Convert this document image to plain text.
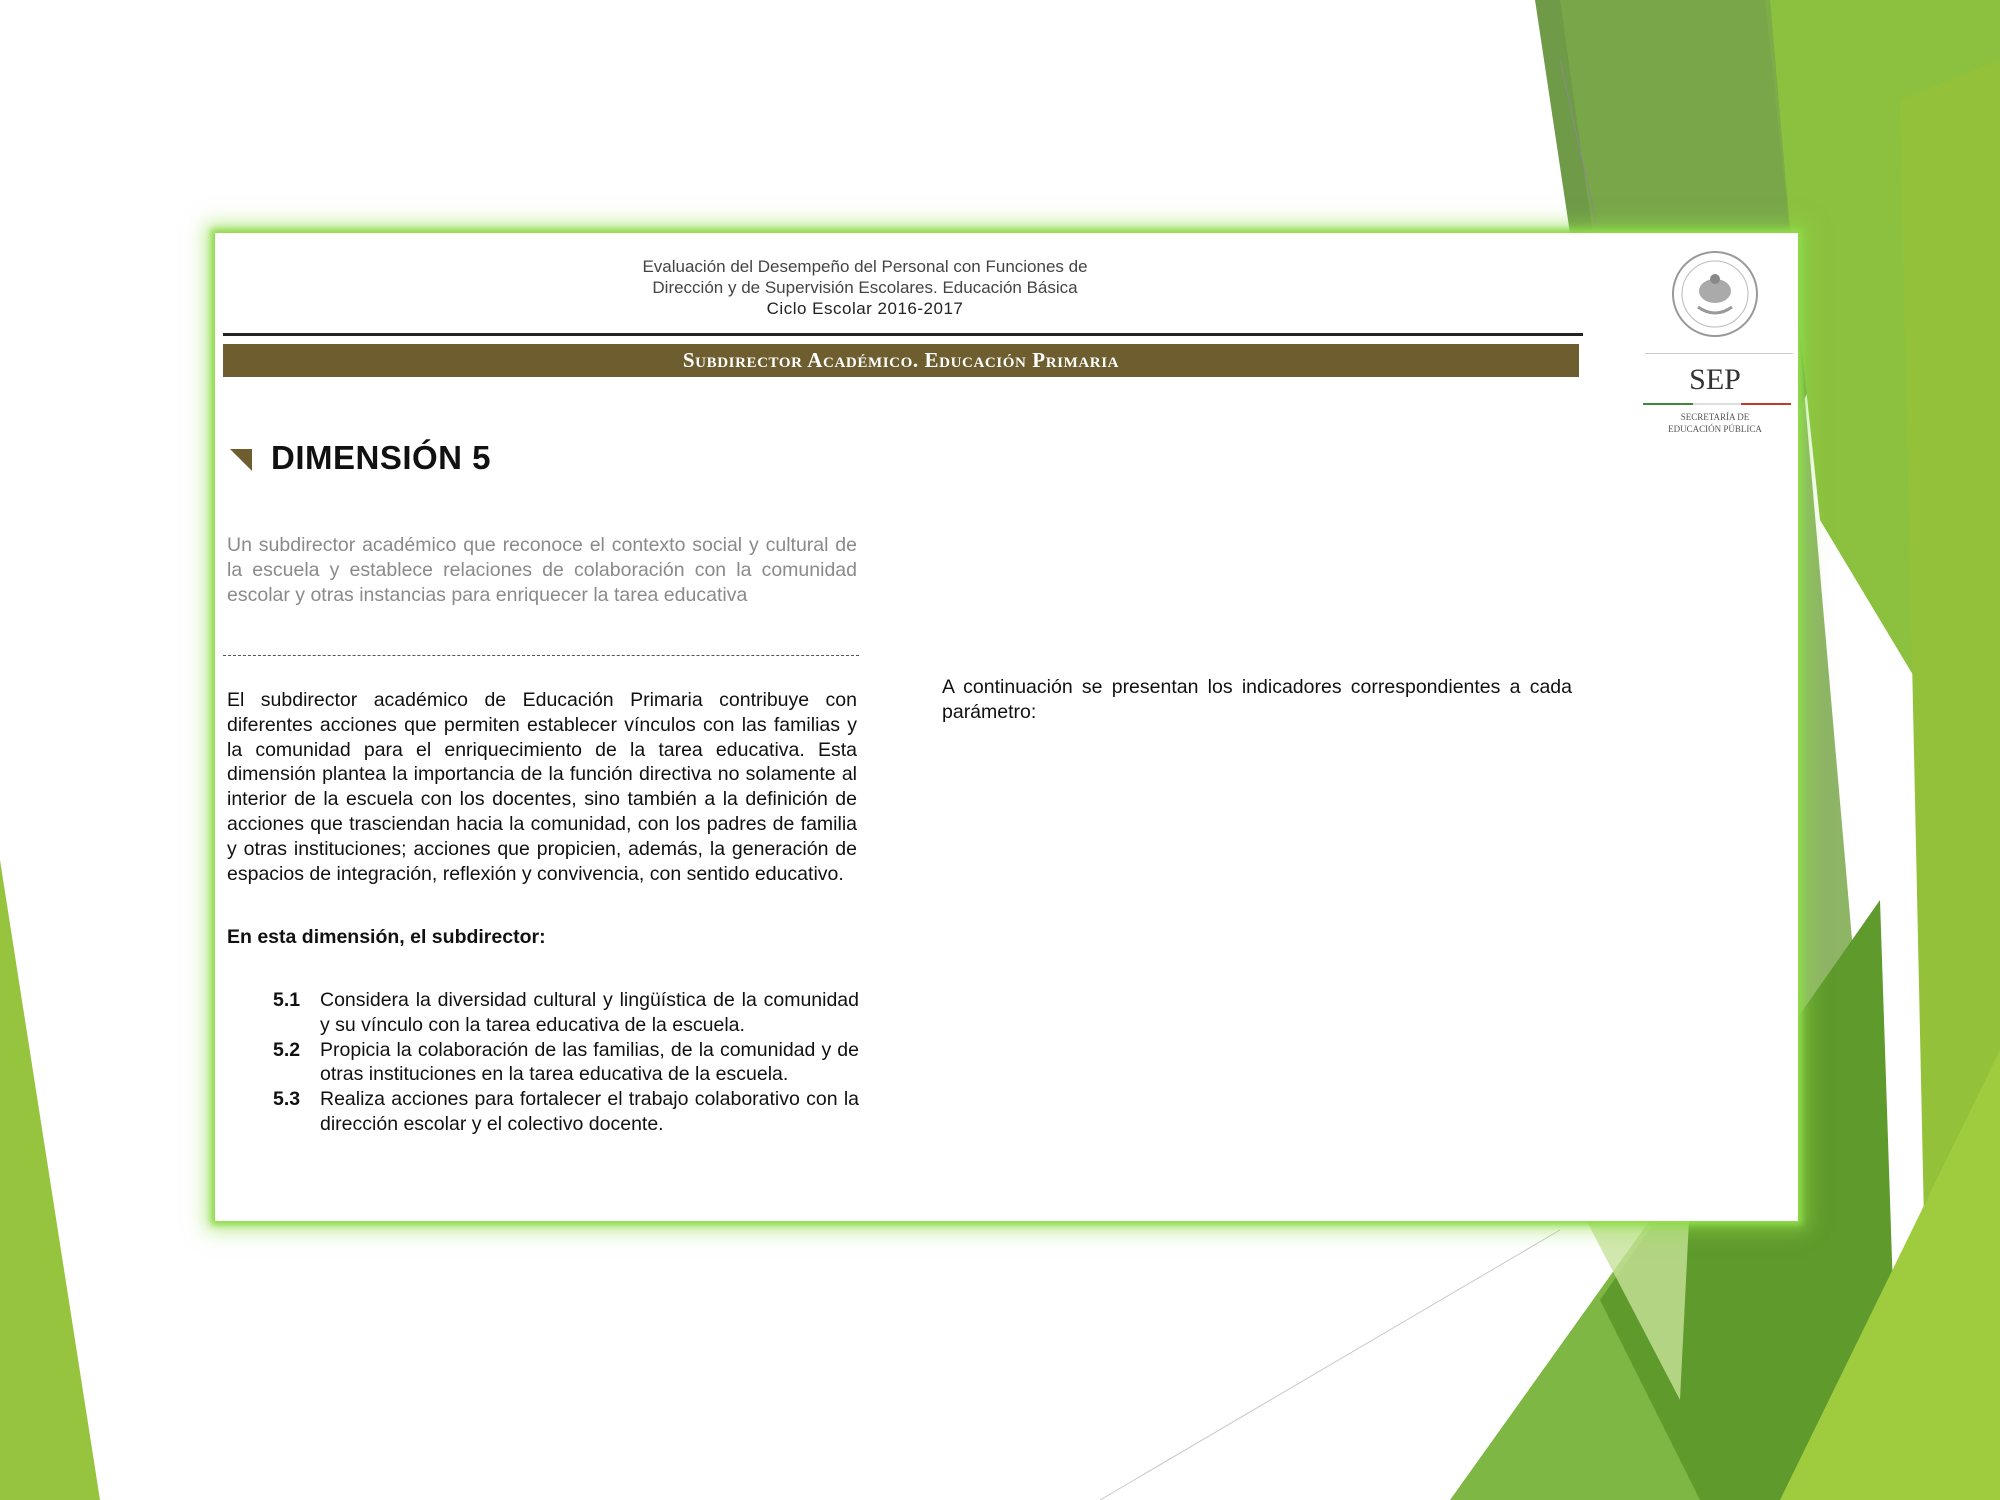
Evaluación del Desempeño del Personal con Funciones de
Dirección y de Supervisión Escolares. Educación Básica
Ciclo Escolar 2016-2017
Subdirector Académico. Educación Primaria
SEP
SECRETARÍA DE
EDUCACIÓN PÚBLICA
DIMENSIÓN 5
Un subdirector académico que reconoce el contexto social y cultural de la escuela y establece relaciones de colaboración con la comunidad escolar y otras instancias para enriquecer la tarea educativa
El subdirector académico de Educación Primaria contribuye con diferentes acciones que permiten establecer vínculos con las familias y la comunidad para el enriquecimiento de la tarea educativa. Esta dimensión plantea la importancia de la función directiva no solamente al interior de la escuela con los docentes, sino también a la definición de acciones que trasciendan hacia la comunidad, con los padres de familia y otras instituciones; acciones que propicien, además, la generación de espacios de integración, reflexión y convivencia, con sentido educativo.
En esta dimensión, el subdirector:
5.1 Considera la diversidad cultural y lingüística de la comunidad y su vínculo con la tarea educativa de la escuela.
5.2 Propicia la colaboración de las familias, de la comunidad y de otras instituciones en la tarea educativa de la escuela.
5.3 Realiza acciones para fortalecer el trabajo colaborativo con la dirección escolar y el colectivo docente.
A continuación se presentan los indicadores correspondientes a cada parámetro:
